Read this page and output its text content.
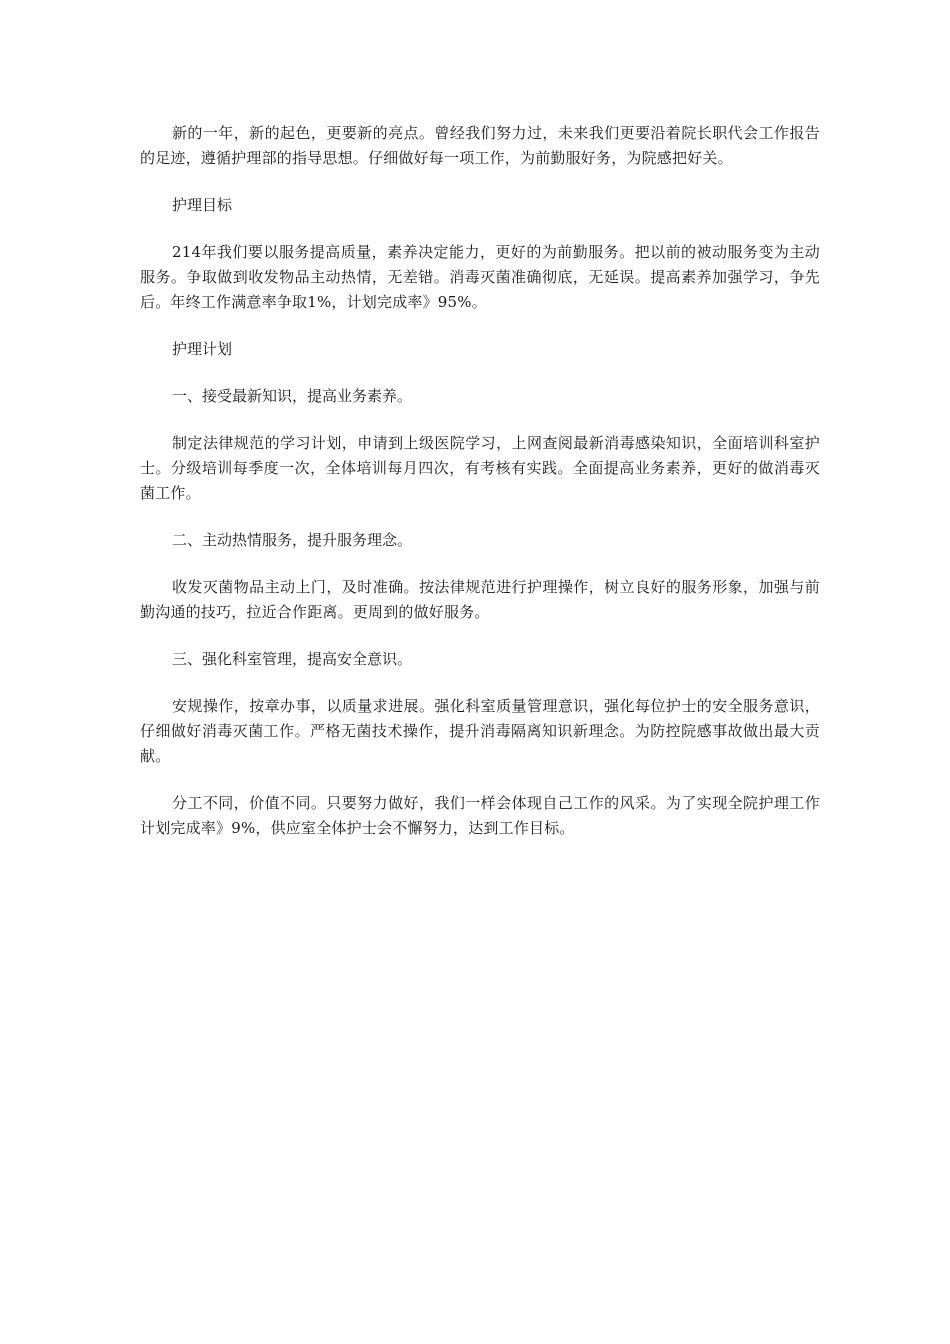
新的一年，新的起色，更要新的亮点。曾经我们努力过，未来我们更要沿着院长职代会工作报告的足迹，遵循护理部的指导思想。仔细做好每一项工作，为前勤服好务，为院感把好关。

护理目标

214年我们要以服务提高质量，素养决定能力，更好的为前勤服务。把以前的被动服务变为主动服务。争取做到收发物品主动热情，无差错。消毒灭菌准确彻底，无延误。提高素养加强学习，争先后。年终工作满意率争取1%，计划完成率》95%。

护理计划

一、接受最新知识，提高业务素养。

制定法律规范的学习计划，申请到上级医院学习，上网查阅最新消毒感染知识，全面培训科室护士。分级培训每季度一次，全体培训每月四次，有考核有实践。全面提高业务素养，更好的做消毒灭菌工作。

二、主动热情服务，提升服务理念。

收发灭菌物品主动上门，及时准确。按法律规范进行护理操作，树立良好的服务形象，加强与前勤沟通的技巧，拉近合作距离。更周到的做好服务。

三、强化科室管理，提高安全意识。

安规操作，按章办事，以质量求进展。强化科室质量管理意识，强化每位护士的安全服务意识，仔细做好消毒灭菌工作。严格无菌技术操作，提升消毒隔离知识新理念。为防控院感事故做出最大贡献。

分工不同，价值不同。只要努力做好，我们一样会体现自己工作的风采。为了实现全院护理工作计划完成率》9%，供应室全体护士会不懈努力，达到工作目标。
